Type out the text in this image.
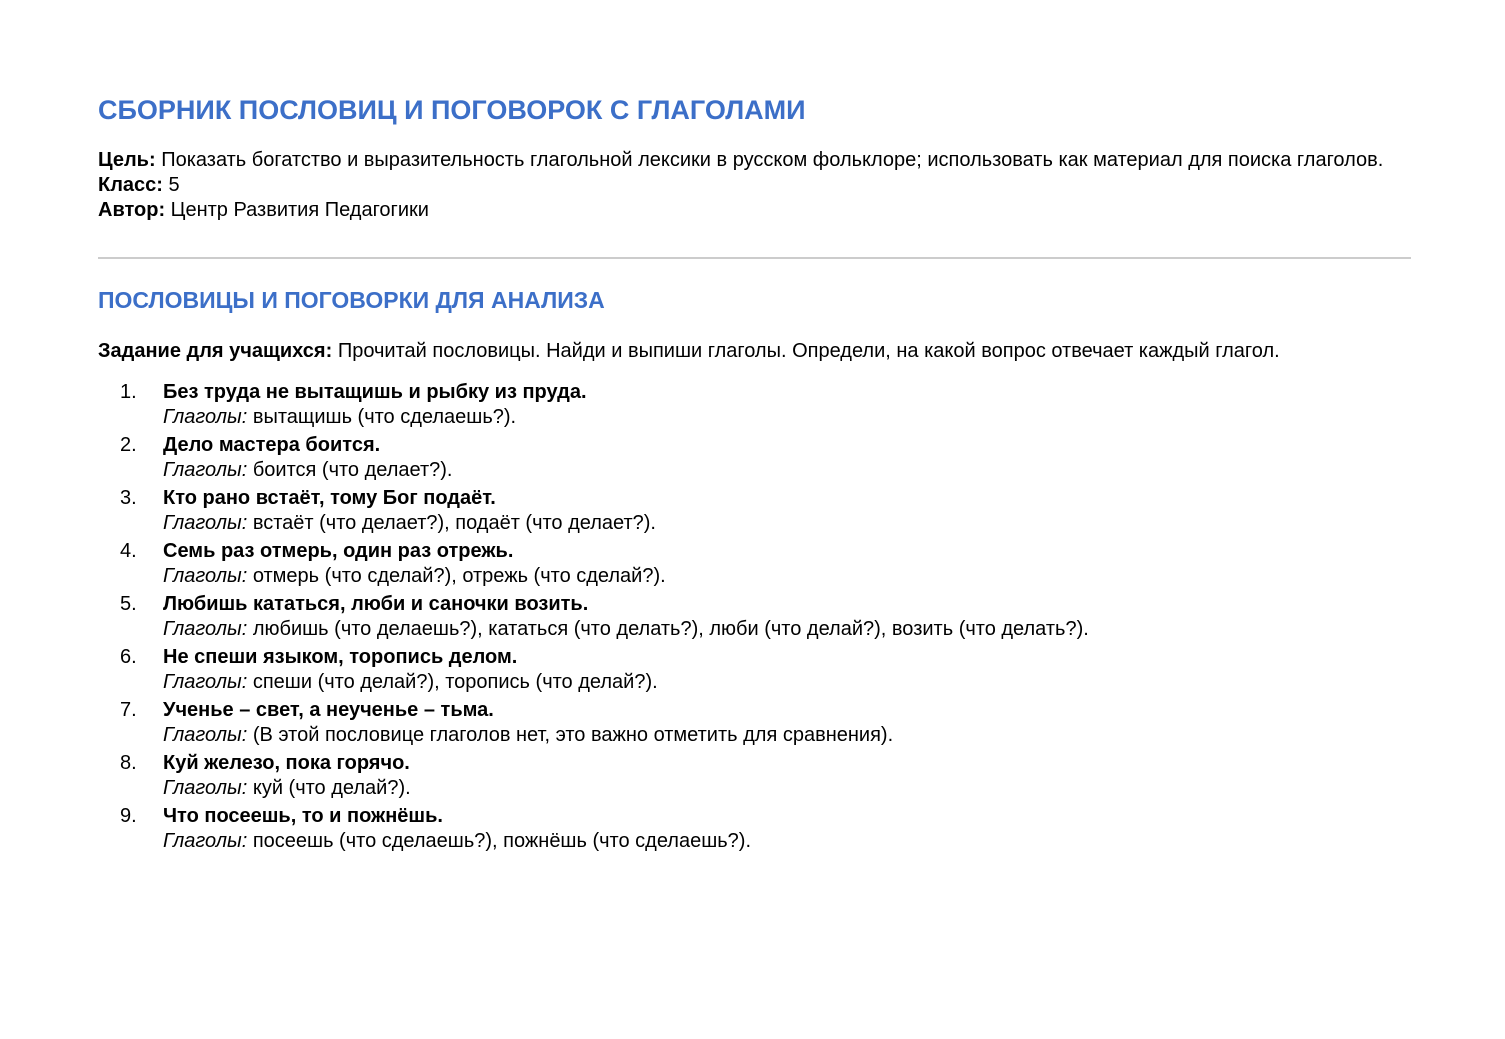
СБОРНИК ПОСЛОВИЦ И ПОГОВОРОК С ГЛАГОЛАМИ
Цель: Показать богатство и выразительность глагольной лексики в русском фольклоре; использовать как материал для поиска глаголов.
Класс: 5
Автор: Центр Развития Педагогики
ПОСЛОВИЦЫ И ПОГОВОРКИ ДЛЯ АНАЛИЗА
Задание для учащихся: Прочитай пословицы. Найди и выпиши глаголы. Определи, на какой вопрос отвечает каждый глагол.
1. Без труда не вытащишь и рыбку из пруда.
Глаголы: вытащишь (что сделаешь?).
2. Дело мастера боится.
Глаголы: боится (что делает?).
3. Кто рано встаёт, тому Бог подаёт.
Глаголы: встаёт (что делает?), подаёт (что делает?).
4. Семь раз отмерь, один раз отрежь.
Глаголы: отмерь (что сделай?), отрежь (что сделай?).
5. Любишь кататься, люби и саночки возить.
Глаголы: любишь (что делаешь?), кататься (что делать?), люби (что делай?), возить (что делать?).
6. Не спеши языком, торопись делом.
Глаголы: спеши (что делай?), торопись (что делай?).
7. Ученье – свет, а неученье – тьма.
Глаголы: (В этой пословице глаголов нет, это важно отметить для сравнения).
8. Куй железо, пока горячо.
Глаголы: куй (что делай?).
9. Что посеешь, то и пожнёшь.
Глаголы: посеешь (что сделаешь?), пожнёшь (что сделаешь?).
